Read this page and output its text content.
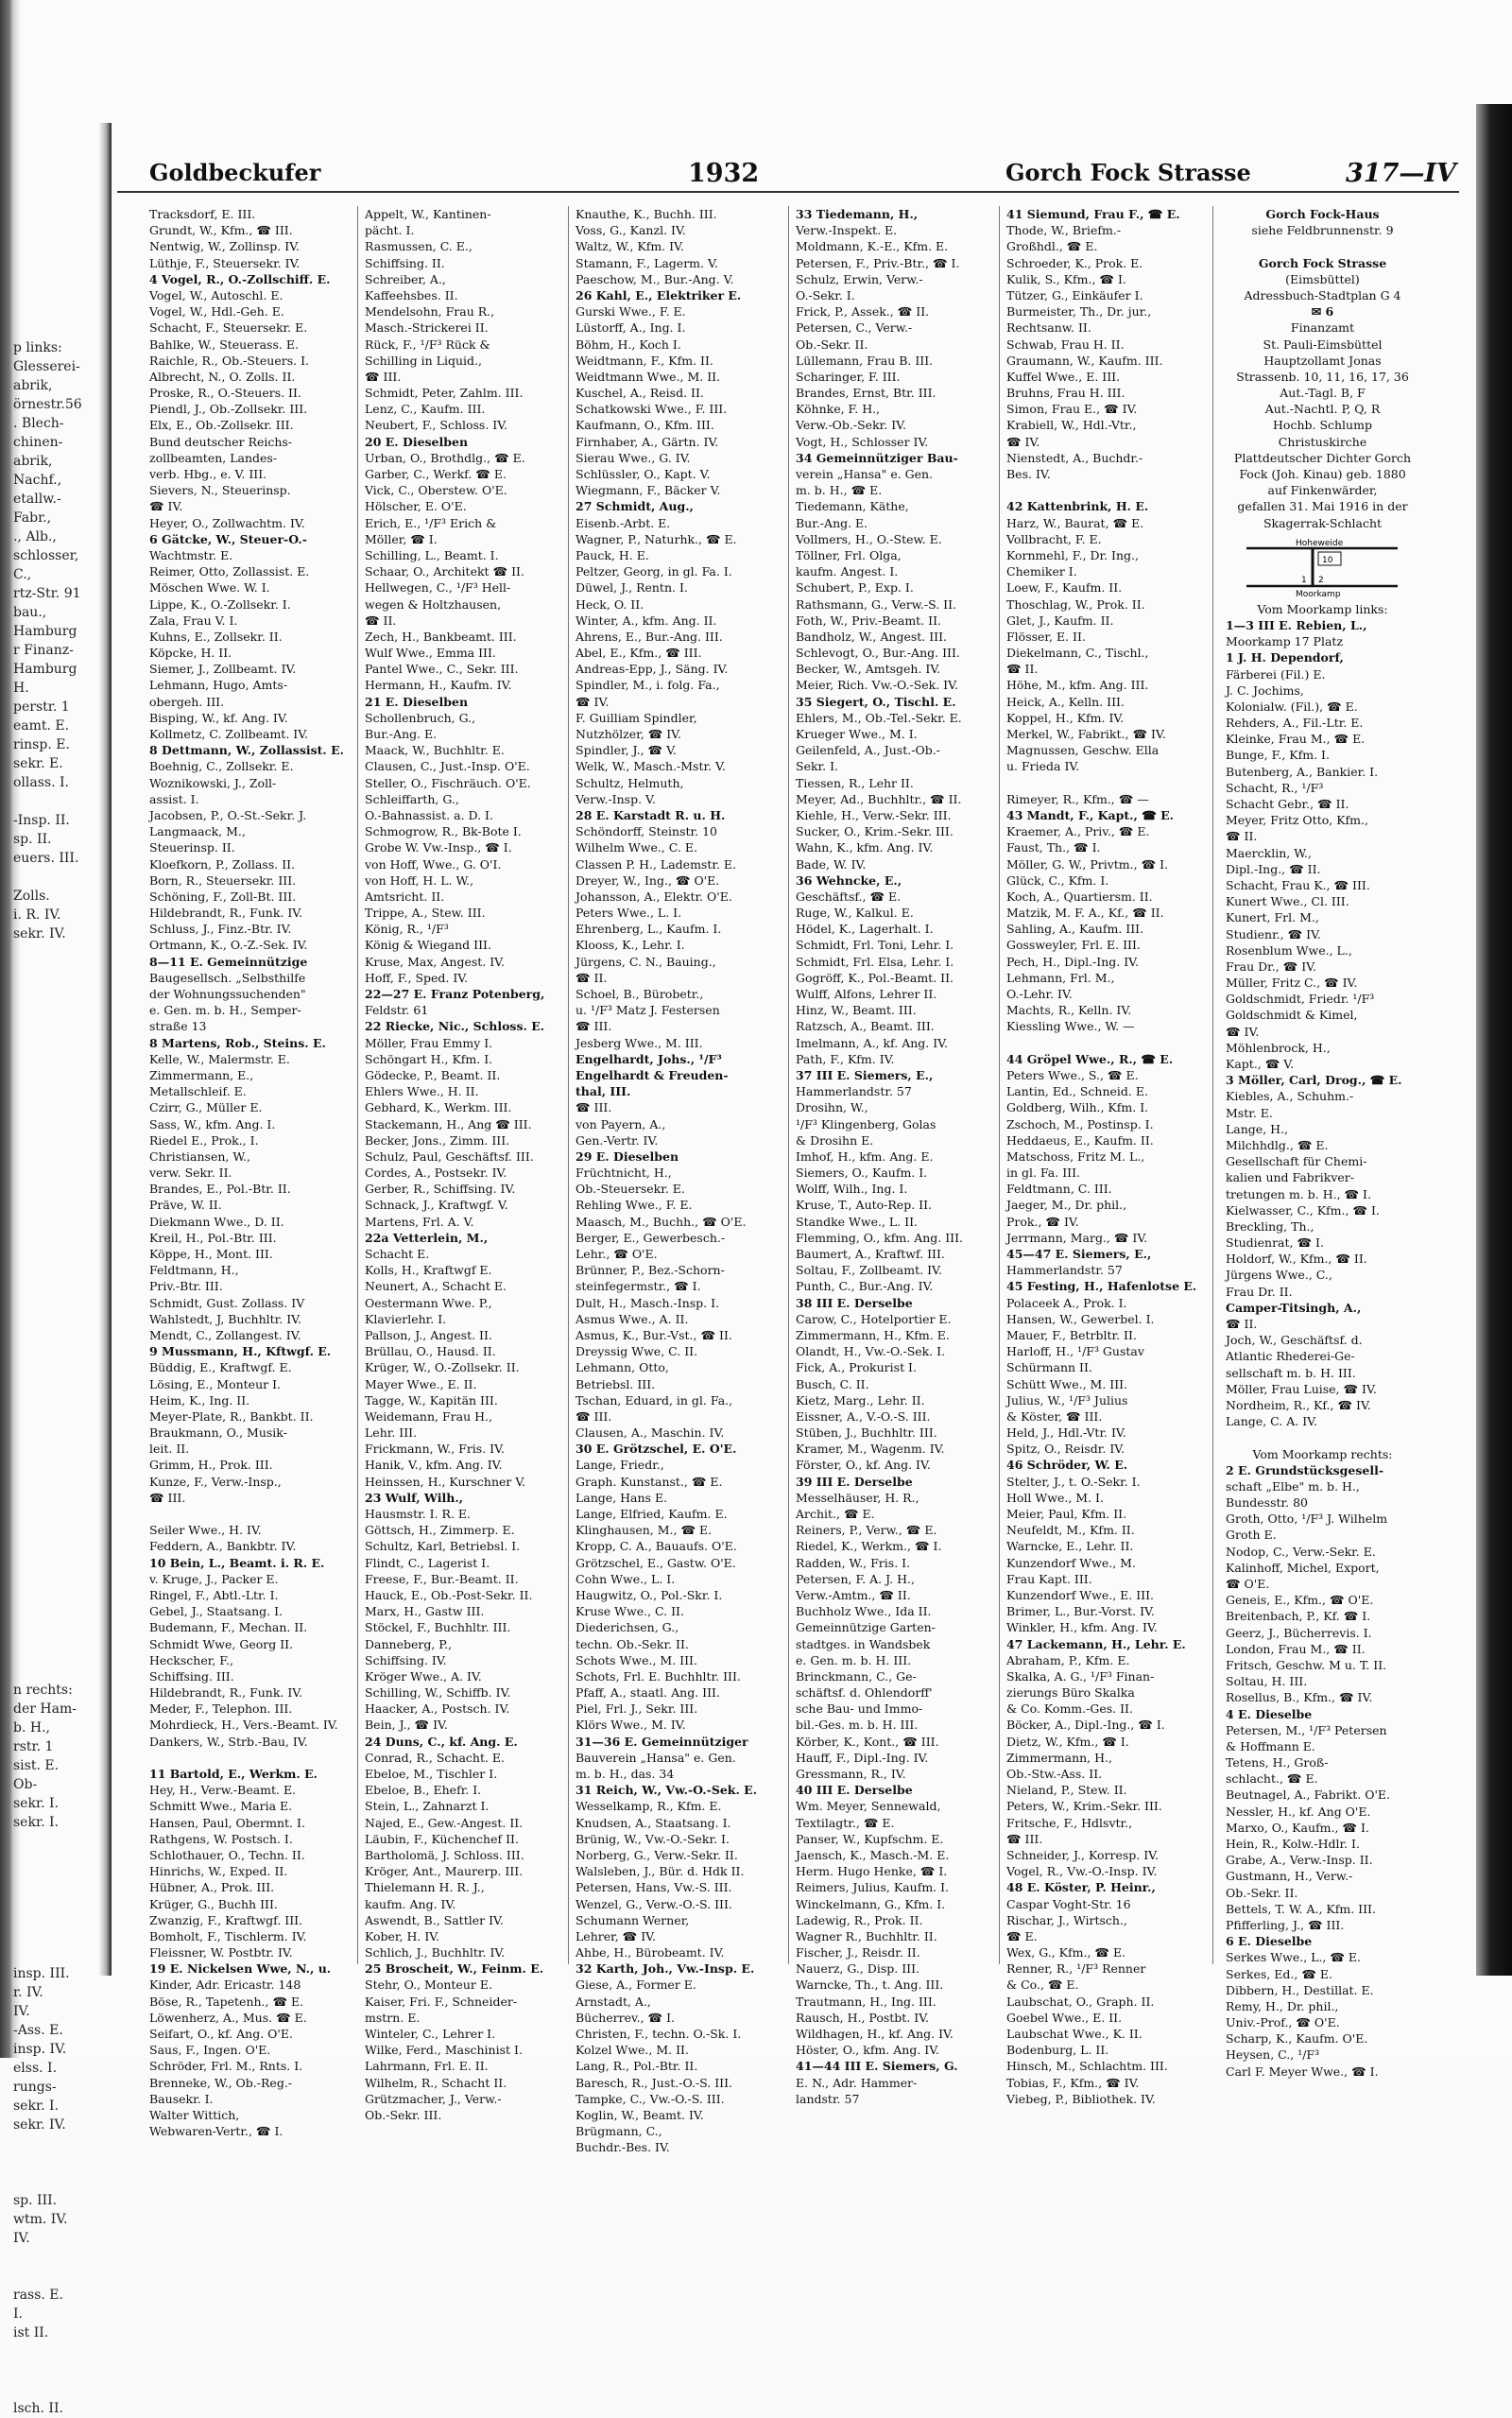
p links:
Glesserei-
abrik,
örnestr.56
. Blech-
chinen-
abrik,
Nachf.,
etallw.-
Fabr.,
., Alb.,
schlosser,
C.,
rtz-Str. 91
bau.,
Hamburg
r Finanz-
Hamburg
H.
perstr. 1
eamt. E.
rinsp. E.
sekr. E.
ollass. I.
-Insp. II.
sp. II.
euers. III.
Zolls.
i. R. IV.
sekr. IV.
n rechts:
der Ham-
b. H.,
rstr. 1
sist. E.
Ob-
sekr. I.
sekr. I.
insp. III.
r. IV.
IV.
-Ass. E.
insp. IV.
elss. I.
rungs-
sekr. I.
sekr. IV.
sp. III.
wtm. IV.
IV.
rass. E.
I.
ist II.
lsch. II.
Goldbeckufer	1932	Gorch Fock Strasse	317—IV
Tracksdorf, E. III.
Grundt, W., Kfm., ☎ III.
Nentwig, W., Zollinsp. IV.
Lüthje, F., Steuersekr. IV.
4 Vogel, R., O.-Zollschiff. E.
Vogel, W., Autoschl. E.
Vogel, W., Hdl.-Geh. E.
Schacht, F., Steuersekr. E.
Bahlke, W., Steuerass. E.
Raichle, R., Ob.-Steuers. I.
Albrecht, N., O. Zolls. II.
Proske, R., O.-Steuers. II.
Piendl, J., Ob.-Zollsekr. III.
Elx, E., Ob.-Zollsekr. III.
Bund deutscher Reichs-
zollbeamten, Landes-
verb. Hbg., e. V. III.
Sievers, N., Steuerinsp.
☎ IV.
Heyer, O., Zollwachtm. IV.
6 Gätcke, W., Steuer-O.-
Wachtmstr. E.
Reimer, Otto, Zollassist. E.
Möschen Wwe. W. I.
Lippe, K., O.-Zollsekr. I.
Zala, Frau V. I.
Kuhns, E., Zollsekr. II.
Köpcke, H. II.
Siemer, J., Zollbeamt. IV.
Lehmann, Hugo, Amts-
obergeh. III.
Bisping, W., kf. Ang. IV.
Kollmetz, C. Zollbeamt. IV.
8 Dettmann, W., Zollassist. E.
Boehnig, C., Zollsekr. E.
Woznikowski, J., Zoll-
assist. I.
Jacobsen, P., O.-St.-Sekr. J.
Langmaack, M.,
Steuerinsp. II.
Kloefkorn, P., Zollass. II.
Born, R., Steuersekr. III.
Schöning, F., Zoll-Bt. III.
Hildebrandt, R., Funk. IV.
Schluss, J., Finz.-Btr. IV.
Ortmann, K., O.-Z.-Sek. IV.
8—11 E. Gemeinnützige
Baugesellsch. „Selbsthilfe
der Wohnungssuchenden"
e. Gen. m. b. H., Semper-
straße 13
8 Martens, Rob., Steins. E.
Kelle, W., Malermstr. E.
Zimmermann, E.,
Metallschleif. E.
Czirr, G., Müller E.
Sass, W., kfm. Ang. I.
Riedel E., Prok., I.
Christiansen, W.,
verw. Sekr. II.
Brandes, E., Pol.-Btr. II.
Präve, W. II.
Diekmann Wwe., D. II.
Kreil, H., Pol.-Btr. III.
Köppe, H., Mont. III.
Feldtmann, H.,
Priv.-Btr. III.
Schmidt, Gust. Zollass. IV
Wahlstedt, J, Buchhltr. IV.
Mendt, C., Zollangest. IV.
9 Mussmann, H., Kftwgf. E.
Büddig, E., Kraftwgf. E.
Lösing, E., Monteur I.
Heim, K., Ing. II.
Meyer-Plate, R., Bankbt. II.
Braukmann, O., Musik-
leit. II.
Grimm, H., Prok. III.
Kunze, F., Verw.-Insp.,
☎ III.
Seiler Wwe., H. IV.
Feddern, A., Bankbtr. IV.
10 Bein, L., Beamt. i. R. E.
v. Kruge, J., Packer E.
Ringel, F., Abtl.-Ltr. I.
Gebel, J., Staatsang. I.
Budemann, F., Mechan. II.
Schmidt Wwe, Georg II.
Heckscher, F.,
Schiffsing. III.
Hildebrandt, R., Funk. IV.
Meder, F., Telephon. III.
Mohrdieck, H., Vers.-Beamt. IV.
Dankers, W., Strb.-Bau, IV.
11 Bartold, E., Werkm. E.
Hey, H., Verw.-Beamt. E.
Schmitt Wwe., Maria E.
Hansen, Paul, Obermnt. I.
Rathgens, W. Postsch. I.
Schlothauer, O., Techn. II.
Hinrichs, W., Exped. II.
Hübner, A., Prok. III.
Krüger, G., Buchh III.
Zwanzig, F., Kraftwgf. III.
Bomholt, F., Tischlerm. IV.
Fleissner, W. Postbtr. IV.
19 E. Nickelsen Wwe, N., u.
Kinder, Adr. Ericastr. 148
Böse, R., Tapetenh., ☎ E.
Löwenherz, A., Mus. ☎ E.
Seifart, O., kf. Ang. O'E.
Saus, F., Ingen. O'E.
Schröder, Frl. M., Rnts. I.
Brenneke, W., Ob.-Reg.-
Bausekr. I.
Walter Wittich,
Webwaren-Vertr., ☎ I.
Appelt, W., Kantinen-
pächt. I.
Rasmussen, C. E.,
Schiffsing. II.
Schreiber, A.,
Kaffeehsbes. II.
Mendelsohn, Frau R.,
Masch.-Strickerei II.
Rück, F., ¹/F³ Rück &
Schilling in Liquid.,
☎ III.
Schmidt, Peter, Zahlm. III.
Lenz, C., Kaufm. III.
Neubert, F., Schloss. IV.
20 E. Dieselben
Urban, O., Brothdlg., ☎ E.
Garber, C., Werkf. ☎ E.
Vick, C., Oberstew. O'E.
Hölscher, E. O'E.
Erich, E., ¹/F³ Erich &
Möller, ☎ I.
Schilling, L., Beamt. I.
Schaar, O., Architekt ☎ II.
Hellwegen, C., ¹/F³ Hell-
wegen & Holtzhausen,
☎ II.
Zech, H., Bankbeamt. III.
Wulf Wwe., Emma III.
Pantel Wwe., C., Sekr. III.
Hermann, H., Kaufm. IV.
21 E. Dieselben
Schollenbruch, G.,
Bur.-Ang. E.
Maack, W., Buchhltr. E.
Clausen, C., Just.-Insp. O'E.
Steller, O., Fischräuch. O'E.
Schleiffarth, G.,
O.-Bahnassist. a. D. I.
Schmogrow, R., Bk-Bote I.
Grobe W. Vw.-Insp., ☎ I.
von Hoff, Wwe., G. O'I.
von Hoff, H. L. W.,
Amtsricht. II.
Trippe, A., Stew. III.
König, R., ¹/F³
König & Wiegand III.
Kruse, Max, Angest. IV.
Hoff, F., Sped. IV.
22—27 E. Franz Potenberg,
Feldstr. 61
22 Riecke, Nic., Schloss. E.
Möller, Frau Emmy I.
Schöngart H., Kfm. I.
Gödecke, P., Beamt. II.
Ehlers Wwe., H. II.
Gebhard, K., Werkm. III.
Stackemann, H., Ang ☎ III.
Becker, Jons., Zimm. III.
Schulz, Paul, Geschäftsf. III.
Cordes, A., Postsekr. IV.
Gerber, R., Schiffsing. IV.
Schnack, J., Kraftwgf. V.
Martens, Frl. A. V.
22a Vetterlein, M.,
Schacht E.
Kolls, H., Kraftwgf E.
Neunert, A., Schacht E.
Oestermann Wwe. P.,
Klavierlehr. I.
Pallson, J., Angest. II.
Brüllau, O., Hausd. II.
Krüger, W., O.-Zollsekr. II.
Mayer Wwe., E. II.
Tagge, W., Kapitän III.
Weidemann, Frau H.,
Lehr. III.
Frickmann, W., Fris. IV.
Hanik, V., kfm. Ang. IV.
Heinssen, H., Kurschner V.
23 Wulf, Wilh.,
Hausmstr. I. R. E.
Göttsch, H., Zimmerp. E.
Schultz, Karl, Betriebsl. I.
Flindt, C., Lagerist I.
Freese, F., Bur.-Beamt. II.
Hauck, E., Ob.-Post-Sekr. II.
Marx, H., Gastw III.
Stöckel, F., Buchhltr. III.
Danneberg, P.,
Schiffsing. IV.
Kröger Wwe., A. IV.
Schilling, W., Schiffb. IV.
Haacker, A., Postsch. IV.
Bein, J., ☎ IV.
24 Duns, C., kf. Ang. E.
Conrad, R., Schacht. E.
Ebeloe, M., Tischler I.
Ebeloe, B., Ehefr. I.
Stein, L., Zahnarzt I.
Najed, E., Gew.-Angest. II.
Läubin, F., Küchenchef II.
Bartholomä, J. Schloss. III.
Kröger, Ant., Maurerp. III.
Thielemann H. R. J.,
kaufm. Ang. IV.
Aswendt, B., Sattler IV.
Kober, H. IV.
Schlich, J., Buchhltr. IV.
25 Broscheit, W., Feinm. E.
Stehr, O., Monteur E.
Kaiser, Fri. F., Schneider-
mstrn. E.
Winteler, C., Lehrer I.
Wilke, Ferd., Maschinist I.
Lahrmann, Frl. E. II.
Wilhelm, R., Schacht II.
Grützmacher, J., Verw.-
Ob.-Sekr. III.
Knauthe, K., Buchh. III.
Voss, G., Kanzl. IV.
Waltz, W., Kfm. IV.
Stamann, F., Lagerm. V.
Paeschow, M., Bur.-Ang. V.
26 Kahl, E., Elektriker E.
Gurski Wwe., F. E.
Lüstorff, A., Ing. I.
Böhm, H., Koch I.
Weidtmann, F., Kfm. II.
Weidtmann Wwe., M. II.
Kuschel, A., Reisd. II.
Schatkowski Wwe., F. III.
Kaufmann, O., Kfm. III.
Firnhaber, A., Gärtn. IV.
Sierau Wwe., G. IV.
Schlüssler, O., Kapt. V.
Wiegmann, F., Bäcker V.
27 Schmidt, Aug.,
Eisenb.-Arbt. E.
Wagner, P., Naturhk., ☎ E.
Pauck, H. E.
Peltzer, Georg, in gl. Fa. I.
Düwel, J., Rentn. I.
Heck, O. II.
Winter, A., kfm. Ang. II.
Ahrens, E., Bur.-Ang. III.
Abel, E., Kfm., ☎ III.
Andreas-Epp, J., Säng. IV.
Spindler, M., i. folg. Fa.,
☎ IV.
F. Guilliam Spindler,
Nutzhölzer, ☎ IV.
Spindler, J., ☎ V.
Welk, W., Masch.-Mstr. V.
Schultz, Helmuth,
Verw.-Insp. V.
28 E. Karstadt R. u. H.
Schöndorff, Steinstr. 10
Wilhelm Wwe., C. E.
Classen P. H., Lademstr. E.
Dreyer, W., Ing., ☎ O'E.
Johansson, A., Elektr. O'E.
Peters Wwe., L. I.
Ehrenberg, L., Kaufm. I.
Klooss, K., Lehr. I.
Jürgens, C. N., Bauing.,
☎ II.
Schoel, B., Bürobetr.,
u. ¹/F³ Matz J. Festersen
☎ III.
Jesberg Wwe., M. III.
Engelhardt, Johs., ¹/F³
Engelhardt & Freuden-
thal, III.
☎ III.
von Payern, A.,
Gen.-Vertr. IV.
29 E. Dieselben
Früchtnicht, H.,
Ob.-Steuersekr. E.
Rehling Wwe., F. E.
Maasch, M., Buchh., ☎ O'E.
Berger, E., Gewerbesch.-
Lehr., ☎ O'E.
Brünner, P., Bez.-Schorn-
steinfegermstr., ☎ I.
Dult, H., Masch.-Insp. I.
Asmus Wwe., A. II.
Asmus, K., Bur.-Vst., ☎ II.
Dreyssig Wwe, C. II.
Lehmann, Otto,
Betriebsl. III.
Tschan, Eduard, in gl. Fa.,
☎ III.
Clausen, A., Maschin. IV.
30 E. Grötzschel, E. O'E.
Lange, Friedr.,
Graph. Kunstanst., ☎ E.
Lange, Hans E.
Lange, Elfried, Kaufm. E.
Klinghausen, M., ☎ E.
Kropp, C. A., Bauaufs. O'E.
Grötzschel, E., Gastw. O'E.
Cohn Wwe., L. I.
Haugwitz, O., Pol.-Skr. I.
Kruse Wwe., C. II.
Diederichsen, G.,
techn. Ob.-Sekr. II.
Schots Wwe., M. III.
Schots, Frl. E. Buchhltr. III.
Pfaff, A., staatl. Ang. III.
Piel, Frl. J., Sekr. III.
Klörs Wwe., M. IV.
31—36 E. Gemeinnütziger
Bauverein „Hansa" e. Gen.
m. b. H., das. 34
31 Reich, W., Vw.-O.-Sek. E.
Wesselkamp, R., Kfm. E.
Knudsen, A., Staatsang. I.
Brünig, W., Vw.-O.-Sekr. I.
Norberg, G., Verw.-Sekr. II.
Walsleben, J., Bür. d. Hdk II.
Petersen, Hans, Vw.-S. III.
Wenzel, G., Verw.-O.-S. III.
Schumann Werner,
Lehrer, ☎ IV.
Ahbe, H., Bürobeamt. IV.
32 Karth, Joh., Vw.-Insp. E.
Giese, A., Former E.
Arnstadt, A.,
Bücherrev., ☎ I.
Christen, F., techn. O.-Sk. I.
Kolzel Wwe., M. II.
Lang, R., Pol.-Btr. II.
Baresch, R., Just.-O.-S. III.
Tampke, C., Vw.-O.-S. III.
Koglin, W., Beamt. IV.
Brügmann, C.,
Buchdr.-Bes. IV.
33 Tiedemann, H.,
Verw.-Inspekt. E.
Moldmann, K.-E., Kfm. E.
Petersen, F., Priv.-Btr., ☎ I.
Schulz, Erwin, Verw.-
O.-Sekr. I.
Frick, P., Assek., ☎ II.
Petersen, C., Verw.-
Ob.-Sekr. II.
Lüllemann, Frau B. III.
Scharinger, F. III.
Brandes, Ernst, Btr. III.
Köhnke, F. H.,
Verw.-Ob.-Sekr. IV.
Vogt, H., Schlosser IV.
34 Gemeinnütziger Bau-
verein „Hansa" e. Gen.
m. b. H., ☎ E.
Tiedemann, Käthe,
Bur.-Ang. E.
Vollmers, H., O.-Stew. E.
Töllner, Frl. Olga,
kaufm. Angest. I.
Schubert, P., Exp. I.
Rathsmann, G., Verw.-S. II.
Foth, W., Priv.-Beamt. II.
Bandholz, W., Angest. III.
Schlevogt, O., Bur.-Ang. III.
Becker, W., Amtsgeh. IV.
Meier, Rich. Vw.-O.-Sek. IV.
35 Siegert, O., Tischl. E.
Ehlers, M., Ob.-Tel.-Sekr. E.
Krueger Wwe., M. I.
Geilenfeld, A., Just.-Ob.-
Sekr. I.
Tiessen, R., Lehr II.
Meyer, Ad., Buchhltr., ☎ II.
Kiehle, H., Verw.-Sekr. III.
Sucker, O., Krim.-Sekr. III.
Wahn, K., kfm. Ang. IV.
Bade, W. IV.
36 Wehncke, E.,
Geschäftsf., ☎ E.
Ruge, W., Kalkul. E.
Hödel, K., Lagerhalt. I.
Schmidt, Frl. Toni, Lehr. I.
Schmidt, Frl. Elsa, Lehr. I.
Gogröff, K., Pol.-Beamt. II.
Wulff, Alfons, Lehrer II.
Hinz, W., Beamt. III.
Ratzsch, A., Beamt. III.
Imelmann, A., kf. Ang. IV.
Path, F., Kfm. IV.
37 III E. Siemers, E.,
Hammerlandstr. 57
Drosihn, W.,
¹/F³ Klingenberg, Golas
& Drosihn E.
Imhof, H., kfm. Ang. E.
Siemers, O., Kaufm. I.
Wolff, Wilh., Ing. I.
Kruse, T., Auto-Rep. II.
Standke Wwe., L. II.
Flemming, O., kfm. Ang. III.
Baumert, A., Kraftwf. III.
Soltau, F., Zollbeamt. IV.
Punth, C., Bur.-Ang. IV.
38 III E. Derselbe
Carow, C., Hotelportier E.
Zimmermann, H., Kfm. E.
Olandt, H., Vw.-O.-Sek. I.
Fick, A., Prokurist I.
Busch, C. II.
Kietz, Marg., Lehr. II.
Eissner, A., V.-O.-S. III.
Stüben, J., Buchhltr. III.
Kramer, M., Wagenm. IV.
Förster, O., kf. Ang. IV.
39 III E. Derselbe
Messelhäuser, H. R.,
Archit., ☎ E.
Reiners, P., Verw., ☎ E.
Riedel, K., Werkm., ☎ I.
Radden, W., Fris. I.
Petersen, F. A. J. H.,
Verw.-Amtm., ☎ II.
Buchholz Wwe., Ida II.
Gemeinnützige Garten-
stadtges. in Wandsbek
e. Gen. m. b. H. III.
Brinckmann, C., Ge-
schäftsf. d. Ohlendorff'
sche Bau- und Immo-
bil.-Ges. m. b. H. III.
Körber, K., Kont., ☎ III.
Hauff, F., Dipl.-Ing. IV.
Gressmann, R., IV.
40 III E. Derselbe
Wm. Meyer, Sennewald,
Textilagtr., ☎ E.
Panser, W., Kupfschm. E.
Jaensch, K., Masch.-M. E.
Herm. Hugo Henke, ☎ I.
Reimers, Julius, Kaufm. I.
Winckelmann, G., Kfm. I.
Ladewig, R., Prok. II.
Wagner R., Buchhltr. II.
Fischer, J., Reisdr. II.
Nauerz, G., Disp. III.
Warncke, Th., t. Ang. III.
Trautmann, H., Ing. III.
Rausch, H., Postbt. IV.
Wildhagen, H., kf. Ang. IV.
Höster, O., kfm. Ang. IV.
41—44 III E. Siemers, G.
E. N., Adr. Hammer-
landstr. 57
41 Siemund, Frau F., ☎ E.
Thode, W., Briefm.-
Großhdl., ☎ E.
Schroeder, K., Prok. E.
Kulik, S., Kfm., ☎ I.
Tützer, G., Einkäufer I.
Burmeister, Th., Dr. jur.,
Rechtsanw. II.
Schwab, Frau H. II.
Graumann, W., Kaufm. III.
Kuffel Wwe., E. III.
Bruhns, Frau H. III.
Simon, Frau E., ☎ IV.
Krabiell, W., Hdl.-Vtr.,
☎ IV.
Nienstedt, A., Buchdr.-
Bes. IV.
42 Kattenbrink, H. E.
Harz, W., Baurat, ☎ E.
Vollbracht, F. E.
Kornmehl, F., Dr. Ing.,
Chemiker I.
Loew, F., Kaufm. II.
Thoschlag, W., Prok. II.
Glet, J., Kaufm. II.
Flösser, E. II.
Diekelmann, C., Tischl.,
☎ II.
Höhe, M., kfm. Ang. III.
Heick, A., Kelln. III.
Koppel, H., Kfm. IV.
Merkel, W., Fabrikt., ☎ IV.
Magnussen, Geschw. Ella
u. Frieda IV.
Rimeyer, R., Kfm., ☎ —
43 Mandt, F., Kapt., ☎ E.
Kraemer, A., Priv., ☎ E.
Faust, Th., ☎ I.
Möller, G. W., Privtm., ☎ I.
Glück, C., Kfm. I.
Koch, A., Quartiersm. II.
Matzik, M. F. A., Kf., ☎ II.
Sahling, A., Kaufm. III.
Gossweyler, Frl. E. III.
Pech, H., Dipl.-Ing. IV.
Lehmann, Frl. M.,
O.-Lehr. IV.
Machts, R., Kelln. IV.
Kiessling Wwe., W. —
44 Gröpel Wwe., R., ☎ E.
Peters Wwe., S., ☎ E.
Lantin, Ed., Schneid. E.
Goldberg, Wilh., Kfm. I.
Zschoch, M., Postinsp. I.
Heddaeus, E., Kaufm. II.
Matschoss, Fritz M. L.,
in gl. Fa. III.
Feldtmann, C. III.
Jaeger, M., Dr. phil.,
Prok., ☎ IV.
Jerrmann, Marg., ☎ IV.
45—47 E. Siemers, E.,
Hammerlandstr. 57
45 Festing, H., Hafenlotse E.
Polaceek A., Prok. I.
Hansen, W., Gewerbel. I.
Mauer, F., Betrbltr. II.
Harloff, H., ¹/F³ Gustav
Schürmann II.
Schütt Wwe., M. III.
Julius, W., ¹/F³ Julius
& Köster, ☎ III.
Held, J., Hdl.-Vtr. IV.
Spitz, O., Reisdr. IV.
46 Schröder, W. E.
Stelter, J., t. O.-Sekr. I.
Holl Wwe., M. I.
Meier, Paul, Kfm. II.
Neufeldt, M., Kfm. II.
Warncke, E., Lehr. II.
Kunzendorf Wwe., M.
Frau Kapt. III.
Kunzendorf Wwe., E. III.
Brimer, L., Bur.-Vorst. IV.
Winkler, H., kfm. Ang. IV.
47 Lackemann, H., Lehr. E.
Abraham, P., Kfm. E.
Skalka, A. G., ¹/F³ Finan-
zierungs Büro Skalka
& Co. Komm.-Ges. II.
Böcker, A., Dipl.-Ing., ☎ I.
Dietz, W., Kfm., ☎ I.
Zimmermann, H.,
Ob.-Stw.-Ass. II.
Nieland, P., Stew. II.
Peters, W., Krim.-Sekr. III.
Fritsche, F., Hdlsvtr.,
☎ III.
Schneider, J., Korresp. IV.
Vogel, R., Vw.-O.-Insp. IV.
48 E. Köster, P. Heinr.,
Caspar Voght-Str. 16
Rischar, J., Wirtsch.,
☎ E.
Wex, G., Kfm., ☎ E.
Renner, R., ¹/F³ Renner
& Co., ☎ E.
Laubschat, O., Graph. II.
Goebel Wwe., E. II.
Laubschat Wwe., K. II.
Bodenburg, L. II.
Hinsch, M., Schlachtm. III.
Tobias, F., Kfm., ☎ IV.
Viebeg, P., Bibliothek. IV.
Gorch Fock-Haus
siehe Feldbrunnenstr. 9
Gorch Fock Strasse
(Eimsbüttel)
Adressbuch-Stadtplan G 4
✉ 6
Finanzamt
St. Pauli-Eimsbüttel
Hauptzollamt Jonas
Strassenb. 10, 11, 16, 17, 36
Aut.-Tagl. B, F
Aut.-Nachtl. P, Q, R
Hochb. Schlump
Christuskirche
Plattdeutscher Dichter Gorch
Fock (Joh. Kinau) geb. 1880
auf Finkenwärder,
gefallen 31. Mai 1916 in der
Skagerrak-Schlacht
Hoheweide
Moorkamp
10
1 2
Vom Moorkamp links:
1—3 III E. Rebien, L.,
Moorkamp 17 Platz
1 J. H. Dependorf,
Färberei (Fil.) E.
J. C. Jochims,
Kolonialw. (Fil.), ☎ E.
Rehders, A., Fil.-Ltr. E.
Kleinke, Frau M., ☎ E.
Bunge, F., Kfm. I.
Butenberg, A., Bankier. I.
Schacht, R., ¹/F³
Schacht Gebr., ☎ II.
Meyer, Fritz Otto, Kfm.,
☎ II.
Maercklin, W.,
Dipl.-Ing., ☎ II.
Schacht, Frau K., ☎ III.
Kunert Wwe., Cl. III.
Kunert, Frl. M.,
Studienr., ☎ IV.
Rosenblum Wwe., L.,
Frau Dr., ☎ IV.
Müller, Fritz C., ☎ IV.
Goldschmidt, Friedr. ¹/F³
Goldschmidt & Kimel,
☎ IV.
Möhlenbrock, H.,
Kapt., ☎ V.
3 Möller, Carl, Drog., ☎ E.
Kiebles, A., Schuhm.-
Mstr. E.
Lange, H.,
Milchhdlg., ☎ E.
Gesellschaft für Chemi-
kalien und Fabrikver-
tretungen m. b. H., ☎ I.
Kielwasser, C., Kfm., ☎ I.
Breckling, Th.,
Studienrat, ☎ I.
Holdorf, W., Kfm., ☎ II.
Jürgens Wwe., C.,
Frau Dr. II.
Camper-Titsingh, A.,
☎ II.
Joch, W., Geschäftsf. d.
Atlantic Rhederei-Ge-
sellschaft m. b. H. III.
Möller, Frau Luise, ☎ IV.
Nordheim, R., Kf., ☎ IV.
Lange, C. A. IV.
Vom Moorkamp rechts:
2 E. Grundstücksgesell-
schaft „Elbe" m. b. H.,
Bundesstr. 80
Groth, Otto, ¹/F³ J. Wilhelm
Groth E.
Nodop, C., Verw.-Sekr. E.
Kalinhoff, Michel, Export,
☎ O'E.
Geneis, E., Kfm., ☎ O'E.
Breitenbach, P., Kf. ☎ I.
Geerz, J., Bücherrevis. I.
London, Frau M., ☎ II.
Fritsch, Geschw. M u. T. II.
Soltau, H. III.
Rosellus, B., Kfm., ☎ IV.
4 E. Dieselbe
Petersen, M., ¹/F³ Petersen
& Hoffmann E.
Tetens, H., Groß-
schlacht., ☎ E.
Beutnagel, A., Fabrikt. O'E.
Nessler, H., kf. Ang O'E.
Marxo, O., Kaufm., ☎ I.
Hein, R., Kolw.-Hdlr. I.
Grabe, A., Verw.-Insp. II.
Gustmann, H., Verw.-
Ob.-Sekr. II.
Bettels, T. W. A., Kfm. III.
Pfifferling, J., ☎ III.
6 E. Dieselbe
Serkes Wwe., L., ☎ E.
Serkes, Ed., ☎ E.
Dibbern, H., Destillat. E.
Remy, H., Dr. phil.,
Univ.-Prof., ☎ O'E.
Scharp, K., Kaufm. O'E.
Heysen, C., ¹/F³
Carl F. Meyer Wwe., ☎ I.
